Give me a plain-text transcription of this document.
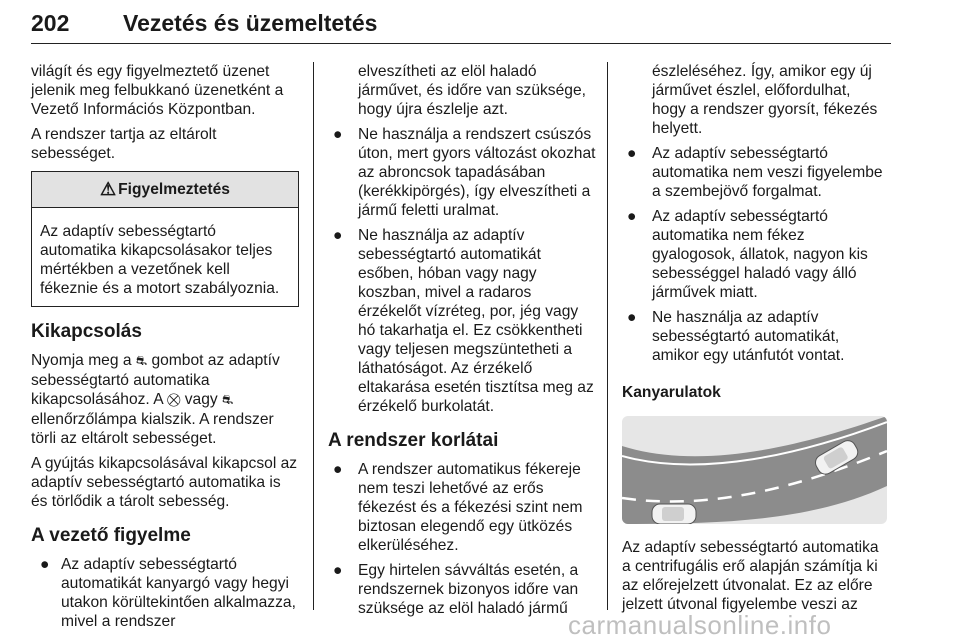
202 Vezetés és üzemeltetés

világít és egy figyelmeztető üzenet jelenik meg felbukkanó üzenetként a Vezető Információs Központban.

A rendszer tartja az eltárolt sebességet.

⚠ Figyelmeztetés
Az adaptív sebességtartó automatika kikapcsolásakor teljes mértékben a vezetőnek kell fékeznie és a motort szabályoznia.
Kikapcsolás

Nyomja meg a ⛐ gombot az adaptív sebességtartó automatika kikapcsolásához. A ⛒ vagy ⛐ ellenőrzőlámpa kialszik. A rendszer törli az eltárolt sebességet.

A gyújtás kikapcsolásával kikapcsol az adaptív sebességtartó automatika is és törlődik a tárolt sebesség.

A vezető figyelme
● Az adaptív sebességtartó automatikát kanyargó vagy hegyi utakon körültekintően alkalmazza, mivel a rendszer

elveszítheti az elöl haladó járművet, és időre van szüksége, hogy újra észlelje azt.

● Ne használja a rendszert csúszós úton, mert gyors változást okozhat az abroncsok tapadásában (kerékkipörgés), így elveszítheti a jármű feletti uralmat.
● Ne használja az adaptív sebességtartó automatikát esőben, hóban vagy nagy koszban, mivel a radaros érzékelőt vízréteg, por, jég vagy hó takarhatja el. Ez csökkentheti vagy teljesen megszüntetheti a láthatóságot. Az érzékelő eltakarása esetén tisztítsa meg az érzékelő burkolatát.
A rendszer korlátai
● A rendszer automatikus fékereje nem teszi lehetővé az erős fékezést és a fékezési szint nem biztosan elegendő egy ütközés elkerüléséhez.
● Egy hirtelen sávváltás esetén, a rendszernek bizonyos időre van szüksége az elöl haladó jármű

észleléséhez. Így, amikor egy új járművet észlel, előfordulhat, hogy a rendszer gyorsít, fékezés helyett.

● Az adaptív sebességtartó automatika nem veszi figyelembe a szembejövő forgalmat.
● Az adaptív sebességtartó automatika nem fékez gyalogosok, állatok, nagyon kis sebességgel haladó vagy álló járművek miatt.
● Ne használja az adaptív sebességtartó automatikát, amikor egy utánfutót vontat.
Kanyarulatok

Az adaptív sebességtartó automatika a centrifugális erő alapján számítja ki az előrejelzett útvonalat. Ez az előre jelzett útvonal figyelembe veszi az

carmanualsonline.info
